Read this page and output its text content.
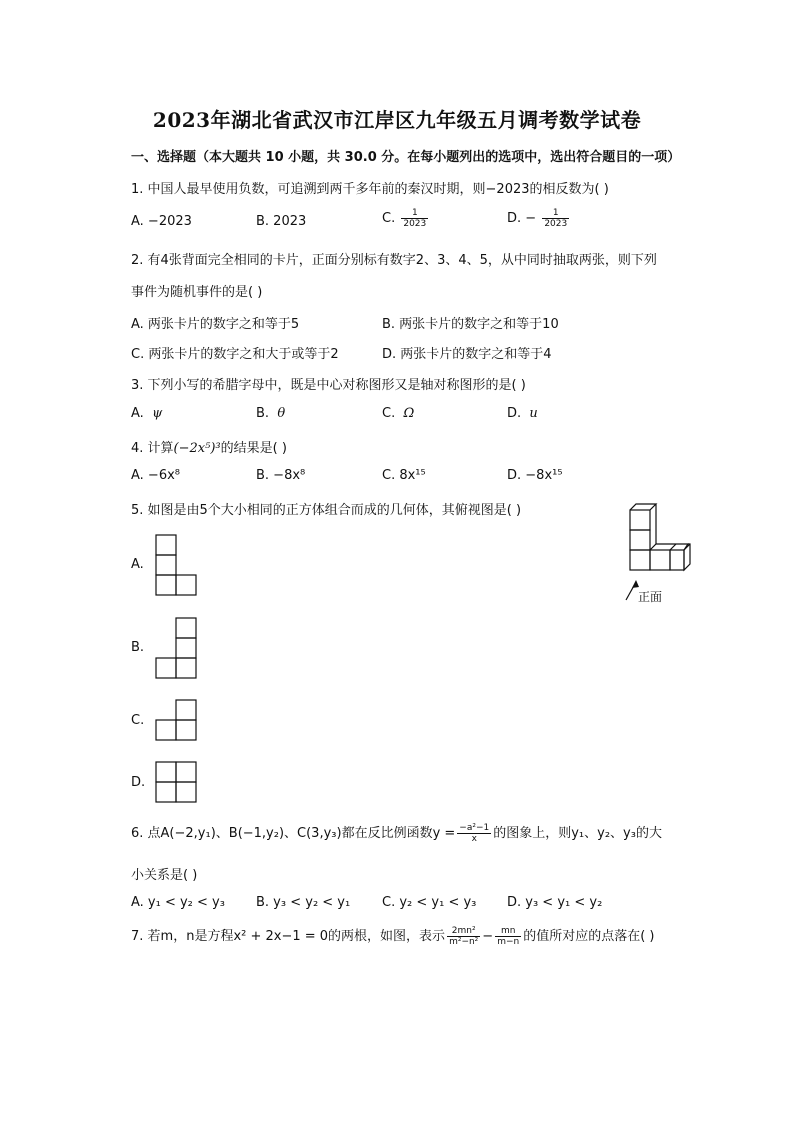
2023年湖北省武汉市江岸区九年级五月调考数学试卷
一、选择题（本大题共 10 小题，共 30.0 分。在每小题列出的选项中，选出符合题目的一项）
1. 中国人最早使用负数，可追溯到两千多年前的秦汉时期，则−2023的相反数为( )
A. −2023	B. 2023	C. $\frac{1}{2023}$	D. − $\frac{1}{2023}$
2. 有4张背面完全相同的卡片，正面分别标有数字2、3、4、5，从中同时抽取两张，则下列
事件为随机事件的是( )
A. 两张卡片的数字之和等于5	B. 两张卡片的数字之和等于10
C. 两张卡片的数字之和大于或等于2	D. 两张卡片的数字之和等于4
3. 下列小写的希腊字母中，既是中心对称图形又是轴对称图形的是( )
A. ψ	B. θ	C. Ω	D. u
4. 计算(−2x⁵)³的结果是( )
A. −6x⁸	B. −8x⁸	C. 8x¹⁵	D. −8x¹⁵
5. 如图是由5个大小相同的正方体组合而成的几何体，其俯视图是( )
正面
A.
B.
C.
D.
6. 点A(−2,y₁)、B(−1,y₂)、C(3,y₃)都在反比例函数$y = \frac{\text{−a²−1}}{x}$ 的图象上，则y₁、y₂、y₃的大
小关系是( )
A. y₁ < y₂ < y₃ B. y₃ < y₂ < y₁ C. y₂ < y₁ < y₃ D. y₃ < y₁ < y₂
7. 若m，n是方程x² + 2x−1 = 0的两根，如图，表示 $\frac{\text{2mn²}}{\text{m²−n²}} - \frac{mn}{m-n}$ 的值所对应的点落在( )
